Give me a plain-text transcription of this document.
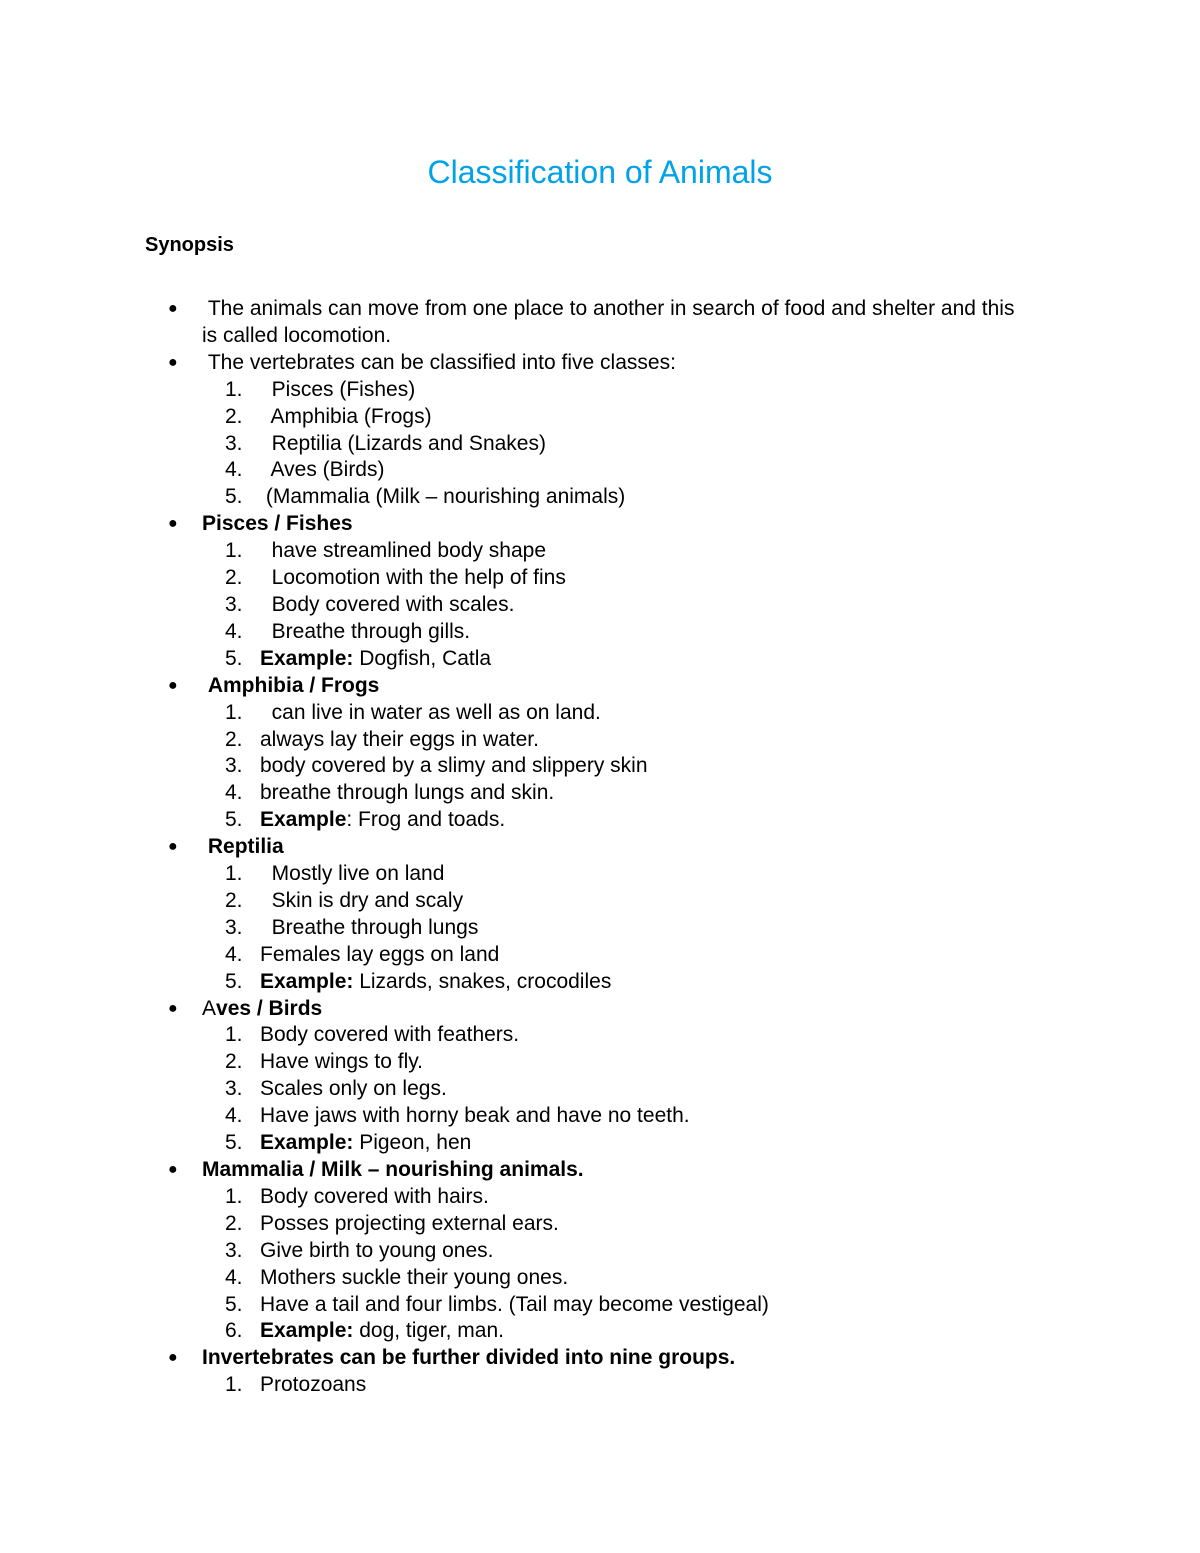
Classification of Animals
Synopsis
●	The animals can move from one place to another in search of food and shelter and this is called locomotion.
●	The vertebrates can be classified into five classes:
1.  Pisces (Fishes)
2.  Amphibia (Frogs)
3.  Reptilia (Lizards and Snakes)
4.  Aves (Birds)
5. (Mammalia (Milk – nourishing animals)
●	Pisces / Fishes
1.  have streamlined body shape
2.  Locomotion with the help of fins
3.  Body covered with scales.
4.  Breathe through gills.
5. Example: Dogfish, Catla
●	Amphibia / Frogs
1.  can live in water as well as on land.
2. always lay their eggs in water.
3. body covered by a slimy and slippery skin
4. breathe through lungs and skin.
5. Example: Frog and toads.
●	Reptilia
1.  Mostly live on land
2.  Skin is dry and scaly
3.  Breathe through lungs
4. Females lay eggs on land
5. Example: Lizards, snakes, crocodiles
●	Aves / Birds
1. Body covered with feathers.
2. Have wings to fly.
3. Scales only on legs.
4. Have jaws with horny beak and have no teeth.
5. Example: Pigeon, hen
●	Mammalia / Milk – nourishing animals.
1. Body covered with hairs.
2. Posses projecting external ears.
3. Give birth to young ones.
4. Mothers suckle their young ones.
5. Have a tail and four limbs. (Tail may become vestigeal)
6. Example: dog, tiger, man.
●	Invertebrates can be further divided into nine groups.
1. Protozoans
